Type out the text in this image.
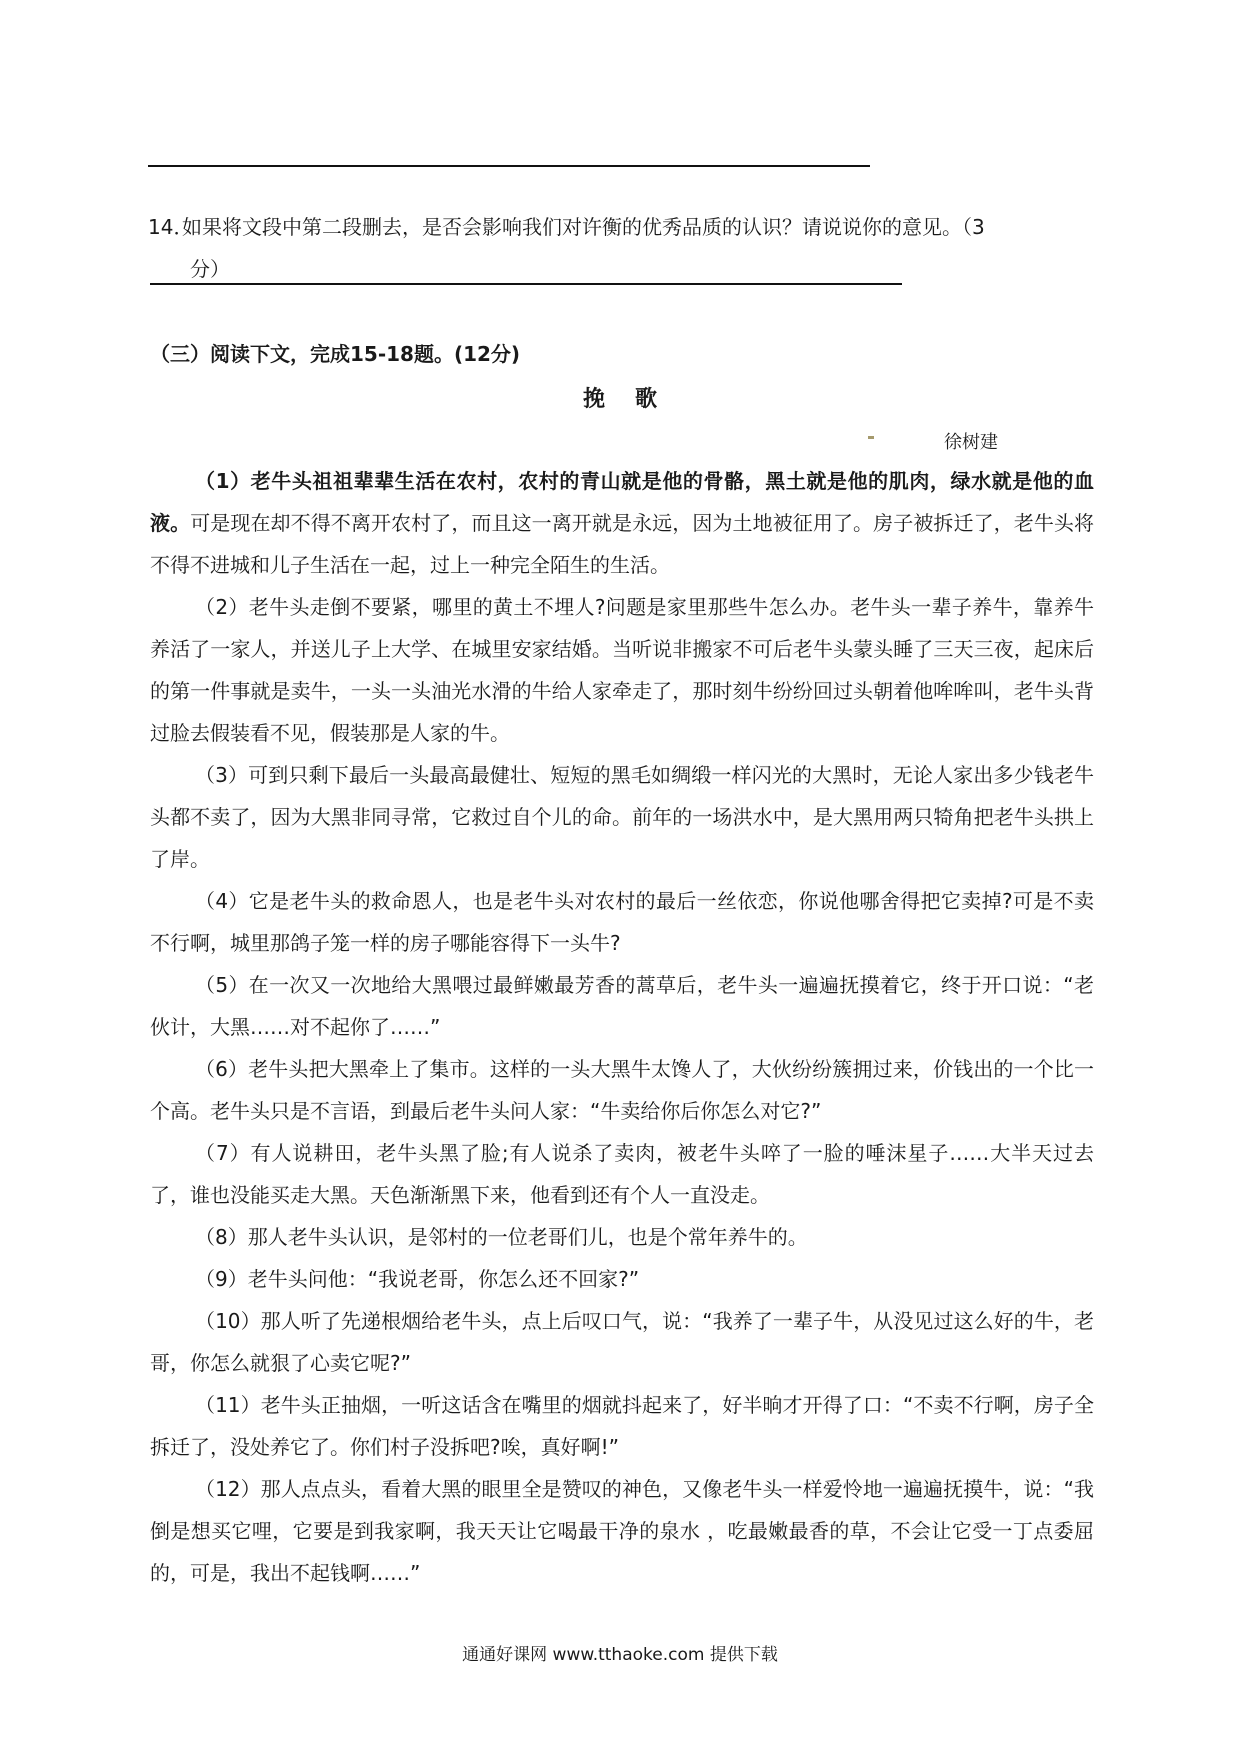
14．
如果将文段中第二段删去，是否会影响我们对许衡的优秀品质的认识？请说说你的意见。（3
分）
（三）阅读下文，完成15-18题。(12分)
挽歌
徐树建

（1）老牛头祖祖辈辈生活在农村，农村的青山就是他的骨骼，黑土就是他的肌肉，绿水就是他的血液。可是现在却不得不离开农村了，而且这一离开就是永远，因为土地被征用了。房子被拆迁了，老牛头将不得不进城和儿子生活在一起，过上一种完全陌生的生活。

（2）老牛头走倒不要紧，哪里的黄土不埋人?问题是家里那些牛怎么办。老牛头一辈子养牛，靠养牛养活了一家人，并送儿子上大学、在城里安家结婚。当听说非搬家不可后老牛头蒙头睡了三天三夜，起床后的第一件事就是卖牛，一头一头油光水滑的牛给人家牵走了，那时刻牛纷纷回过头朝着他哞哞叫，老牛头背过脸去假装看不见，假装那是人家的牛。

（3）可到只剩下最后一头最高最健壮、短短的黑毛如绸缎一样闪光的大黑时，无论人家出多少钱老牛头都不卖了，因为大黑非同寻常，它救过自个儿的命。前年的一场洪水中，是大黑用两只犄角把老牛头拱上了岸。

（4）它是老牛头的救命恩人，也是老牛头对农村的最后一丝依恋，你说他哪舍得把它卖掉?可是不卖不行啊，城里那鸽子笼一样的房子哪能容得下一头牛?

（5）在一次又一次地给大黑喂过最鲜嫩最芳香的蒿草后，老牛头一遍遍抚摸着它，终于开口说：“老伙计，大黑……对不起你了……”

（6）老牛头把大黑牵上了集市。这样的一头大黑牛太馋人了，大伙纷纷簇拥过来，价钱出的一个比一个高。老牛头只是不言语，到最后老牛头问人家：“牛卖给你后你怎么对它?”

（7）有人说耕田，老牛头黑了脸;有人说杀了卖肉，被老牛头啐了一脸的唾沫星子……大半天过去了，谁也没能买走大黑。天色渐渐黑下来，他看到还有个人一直没走。

（8）那人老牛头认识，是邻村的一位老哥们儿，也是个常年养牛的。

（9）老牛头问他：“我说老哥，你怎么还不回家?”

（10）那人听了先递根烟给老牛头，点上后叹口气，说：“我养了一辈子牛，从没见过这么好的牛，老哥，你怎么就狠了心卖它呢?”

（11）老牛头正抽烟，一听这话含在嘴里的烟就抖起来了，好半晌才开得了口：“不卖不行啊，房子全拆迁了，没处养它了。你们村子没拆吧?唉，真好啊!”

（12）那人点点头，看着大黑的眼里全是赞叹的神色，又像老牛头一样爱怜地一遍遍抚摸牛，说：“我倒是想买它哩，它要是到我家啊，我天天让它喝最干净的泉水 ，吃最嫩最香的草，不会让它受一丁点委屈的，可是，我出不起钱啊……”

通通好课网 www.tthaoke.com 提供下载
